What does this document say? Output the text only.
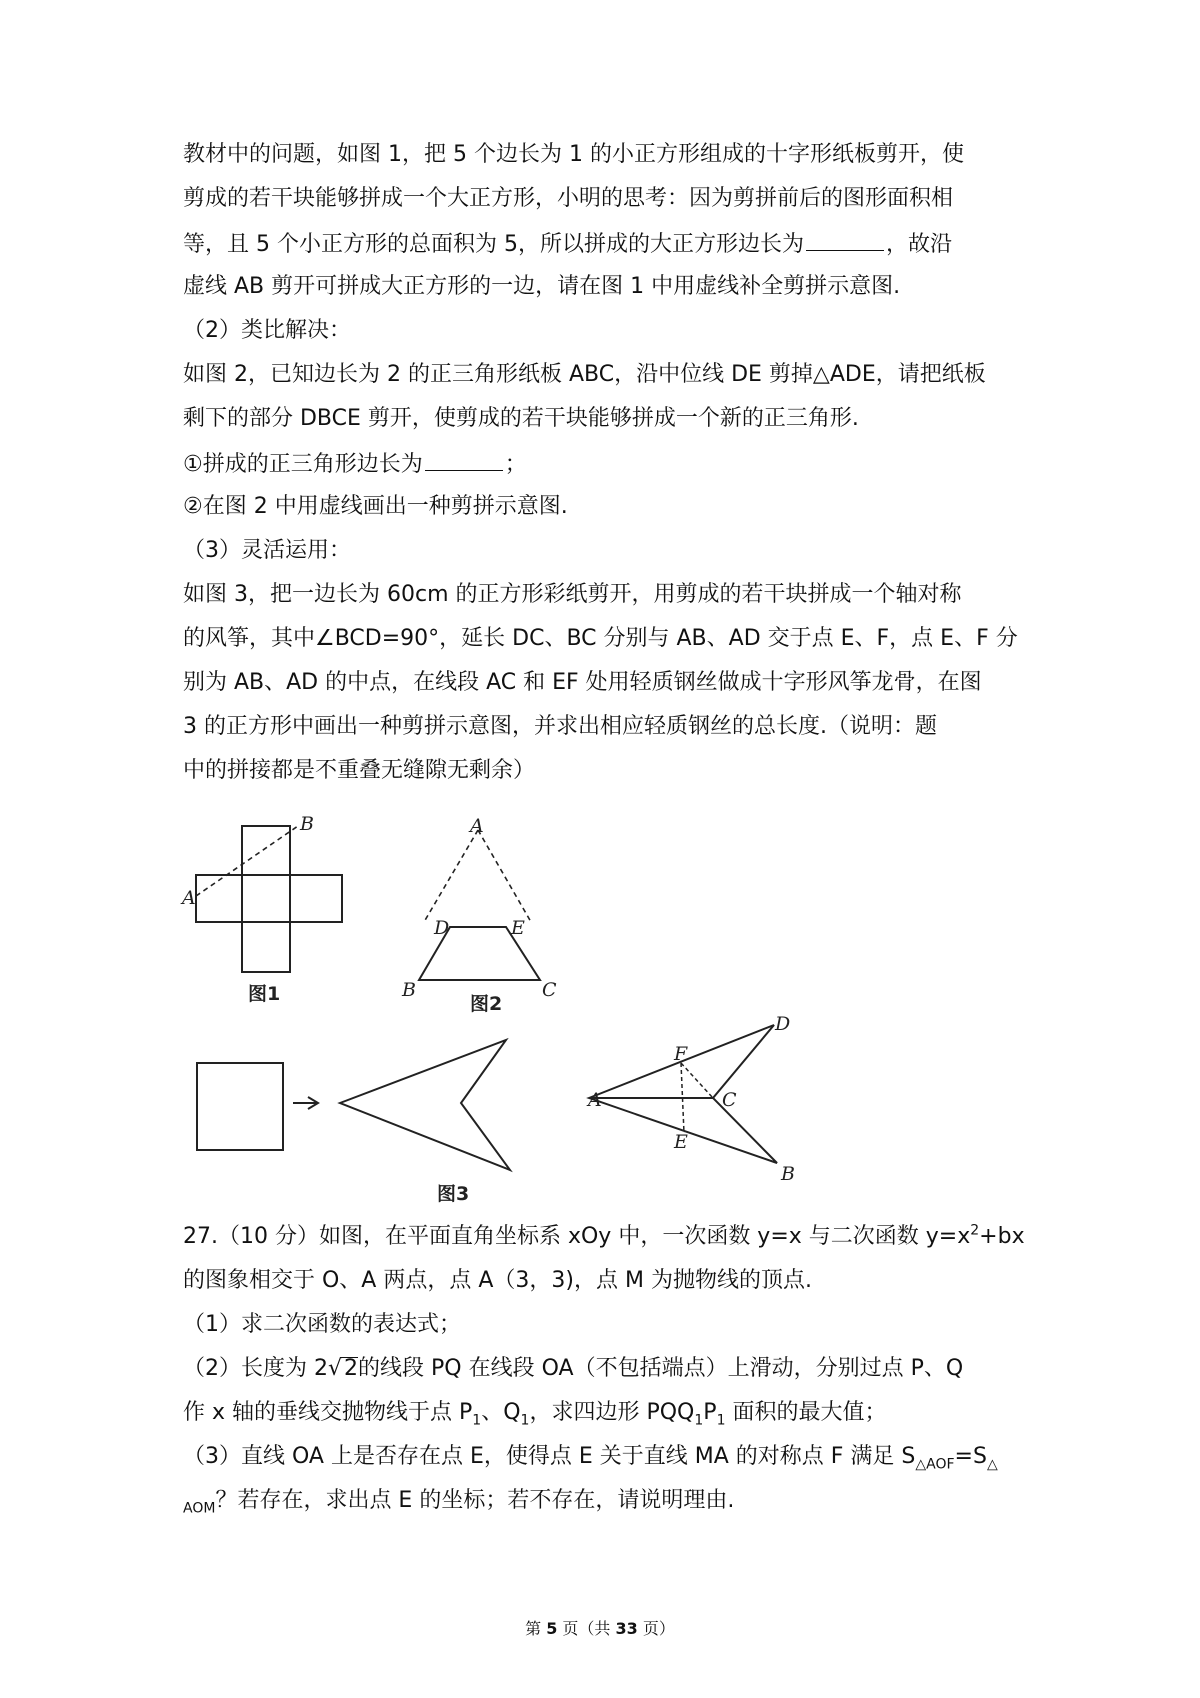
教材中的问题，如图 1，把 5 个边长为 1 的小正方形组成的十字形纸板剪开，使
剪成的若干块能够拼成一个大正方形，小明的思考：因为剪拼前后的图形面积相
等，且 5 个小正方形的总面积为 5，所以拼成的大正方形边长为	，故沿
虚线 AB 剪开可拼成大正方形的一边，请在图 1 中用虚线补全剪拼示意图.
（2）类比解决：
如图 2，已知边长为 2 的正三角形纸板 ABC，沿中位线 DE 剪掉△ADE，请把纸板
剩下的部分 DBCE 剪开，使剪成的若干块能够拼成一个新的正三角形.
①拼成的正三角形边长为	；
②在图 2 中用虚线画出一种剪拼示意图.
（3）灵活运用：
如图 3，把一边长为 60cm 的正方形彩纸剪开，用剪成的若干块拼成一个轴对称
的风筝，其中∠BCD=90°，延长 DC、BC 分别与 AB、AD 交于点 E、F，点 E、F 分
别为 AB、AD 的中点，在线段 AC 和 EF 处用轻质钢丝做成十字形风筝龙骨，在图
3 的正方形中画出一种剪拼示意图，并求出相应轻质钢丝的总长度.（说明：题
中的拼接都是不重叠无缝隙无剩余）
A
B
图1
A
D	E
B	C
图2
D
F
A	C
E
B
图3
27.（10 分）如图，在平面直角坐标系 xOy 中，一次函数 y=x 与二次函数 $y=x^2+bx$
的图象相交于 O、A 两点，点 A（3，3)，点 M 为抛物线的顶点.
（1）求二次函数的表达式；
（2）长度为 2√2的线段 PQ 在线段 OA（不包括端点）上滑动，分别过点 P、Q
作 x 轴的垂线交抛物线于点 $P_1$、$Q_1$，求四边形 $PQQ_1P_1$ 面积的最大值；
（3）直线 OA 上是否存在点 E，使得点 E 关于直线 MA 的对称点 F 满足 $S_{\triangle AOF}=S_\triangle$
$_{AOM}$？若存在，求出点 E 的坐标；若不存在，请说明理由.
第 5 页（共 33 页）
